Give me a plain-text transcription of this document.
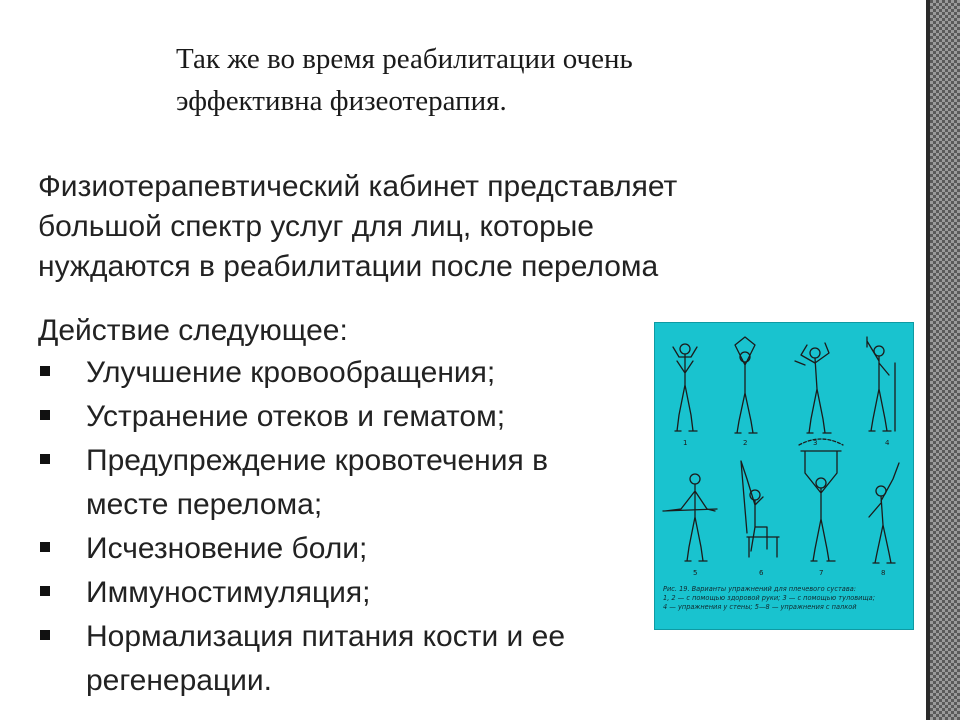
Так же во время реабилитации очень
эффективна физеотерапия.

Физиотерапевтический кабинет представляет
большой спектр услуг для лиц, которые
нуждаются в реабилитации после перелома

Действие следующее:

Улучшение кровообращения;
Устранение отеков и гематом;
Предупреждение кровотечения в
месте перелома;
Исчезновение боли;
Иммуностимуляция;
Нормализация питания кости и ее
регенерации.
1	2	3	4
5	6	7	8
Рис. 19. Варианты упражнений для плечевого сустава:
1, 2 — с помощью здоровой руки; 3 — с помощью туловища;
4 — упражнения у стены; 5—8 — упражнения с палкой
